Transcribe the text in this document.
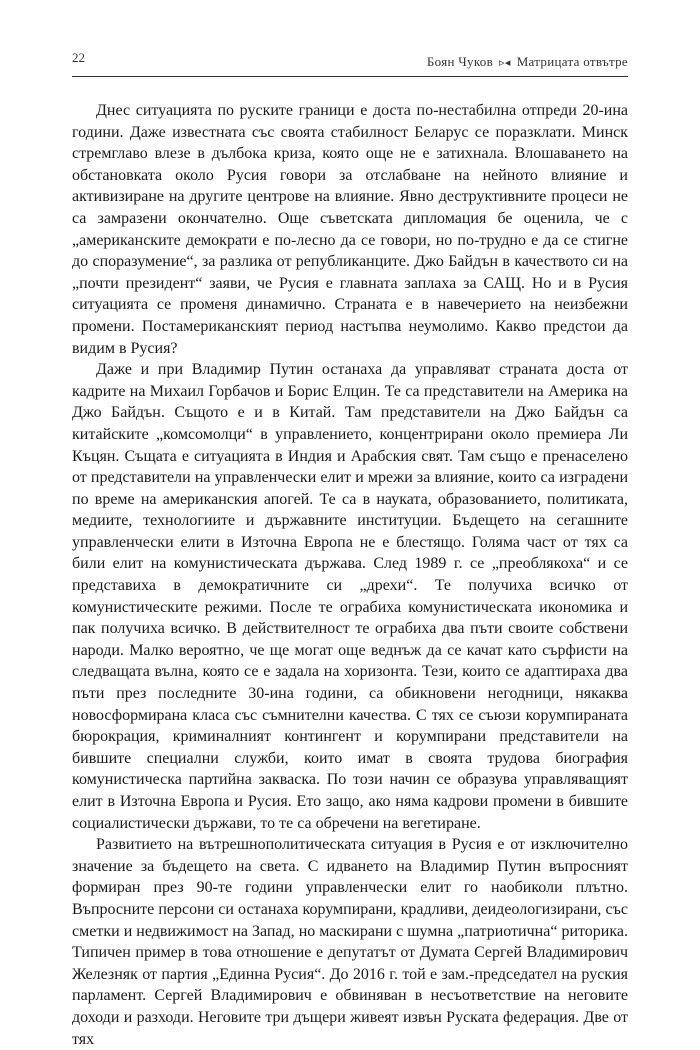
22	Боян Чуков ▹◂ Матрицата отвътре

Днес ситуацията по руските граници е доста по-нестабилна отпреди 20-ина години. Даже известната със своята стабилност Беларус се поразклати. Минск стремглаво влезе в дълбока криза, която още не е затихнала. Влошаването на обстановката около Русия говори за отслабване на нейното влияние и активизиране на другите центрове на влияние. Явно деструктивните процеси не са замразени окончателно. Още съветската дипломация бе оценила, че с „американските демократи е по-лесно да се говори, но по-трудно е да се стигне до споразумение“, за разлика от републиканците. Джо Байдън в качеството си на „почти президент“ заяви, че Русия е главната заплаха за САЩ. Но и в Русия ситуацията се променя динамично. Страната е в навечерието на неизбежни промени. Постамериканският период настъпва неумолимо. Какво предстои да видим в Русия?

Даже и при Владимир Путин останаха да управляват страната доста от кадрите на Михаил Горбачов и Борис Елцин. Те са представители на Америка на Джо Байдън. Същото е и в Китай. Там представители на Джо Байдън са китайските „комсомолци“ в управлението, концентрирани около премиера Ли Къцян. Същата е ситуацията в Индия и Арабския свят. Там също е пренаселено от представители на управленчески елит и мрежи за влияние, които са изградени по време на американския апогей. Те са в науката, образованието, политиката, медиите, технологиите и държавните институции. Бъдещето на сегашните управленчески елити в Източна Европа не е блестящо. Голяма част от тях са били елит на комунистическата държава. След 1989 г. се „преоблякоха“ и се представиха в демократичните си „дрехи“. Те получиха всичко от комунистическите режими. После те ограбиха комунистическата икономика и пак получиха всичко. В действителност те ограбиха два пъти своите собствени народи. Малко вероятно, че ще могат още веднъж да се качат като сърфисти на следващата вълна, която се е задала на хоризонта. Тези, които се адаптираха два пъти през последните 30-ина години, са обикновени негодници, някаква новосформирана класа със съмнителни качества. С тях се съюзи корумпираната бюрокрация, криминалният контингент и корумпирани представители на бившите специални служби, които имат в своята трудова биография комунистическа партийна закваска. По този начин се образува управляващият елит в Източна Европа и Русия. Ето защо, ако няма кадрови промени в бившите социалистически държави, то те са обречени на вегетиране.

Развитието на вътрешнополитическата ситуация в Русия е от изключително значение за бъдещето на света. С идването на Владимир Путин въпросният формиран през 90-те години управленчески елит го наобиколи плътно. Въпросните персони си останаха корумпирани, крадливи, деидеологизирани, със сметки и недвижимост на Запад, но маскирани с шумна „патриотична“ риторика. Типичен пример в това отношение е депутатът от Думата Сергей Владимирович Железняк от партия „Единна Русия“. До 2016 г. той е зам.-председател на руския парламент. Сергей Владимирович е обвиняван в несъответствие на неговите доходи и разходи. Неговите три дъщери живеят извън Руската федерация. Две от тях
